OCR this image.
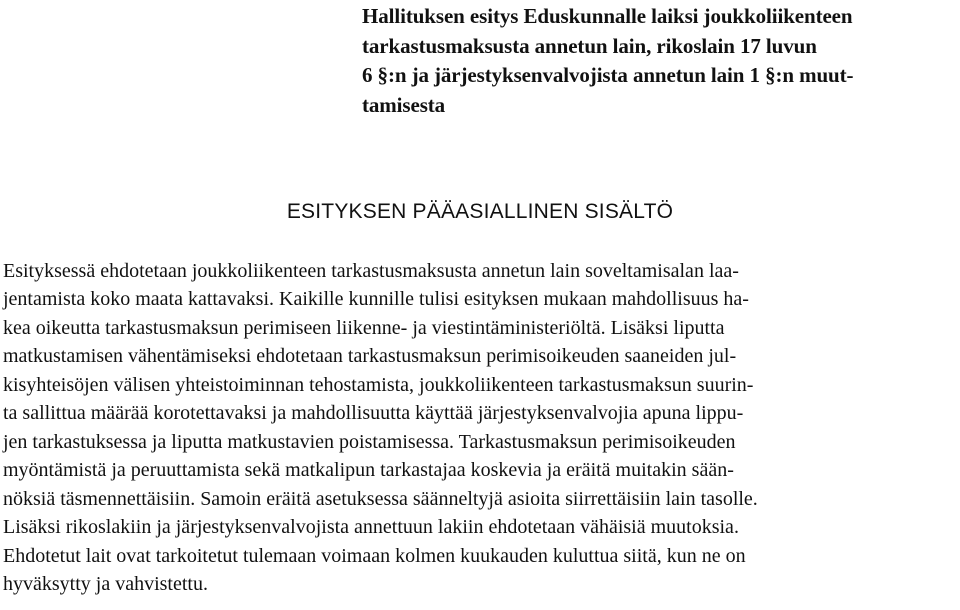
Hallituksen esitys Eduskunnalle laiksi joukkoliikenteen
tarkastusmaksusta annetun lain, rikoslain 17 luvun
6 §:n ja järjestyksenvalvojista annetun lain 1 §:n muut-
tamisesta
ESITYKSEN PÄÄASIALLINEN SISÄLTÖ
Esityksessä ehdotetaan joukkoliikenteen tarkastusmaksusta annetun lain soveltamisalan laa-
jentamista koko maata kattavaksi. Kaikille kunnille tulisi esityksen mukaan mahdollisuus ha-
kea oikeutta tarkastusmaksun perimiseen liikenne- ja viestintäministeriöltä. Lisäksi liputta
matkustamisen vähentämiseksi ehdotetaan tarkastusmaksun perimisoikeuden saaneiden jul-
kisyhteisöjen välisen yhteistoiminnan tehostamista, joukkoliikenteen tarkastusmaksun suurin-
ta sallittua määrää korotettavaksi ja mahdollisuutta käyttää järjestyksenvalvojia apuna lippu-
jen tarkastuksessa ja liputta matkustavien poistamisessa. Tarkastusmaksun perimisoikeuden
myöntämistä ja peruuttamista sekä matkalipun tarkastajaa koskevia ja eräitä muitakin sään-
nöksiä täsmennettäisiin. Samoin eräitä asetuksessa säänneltyjä asioita siirrettäisiin lain tasolle.
Lisäksi rikoslakiin ja järjestyksenvalvojista annettuun lakiin ehdotetaan vähäisiä muutoksia.
Ehdotetut lait ovat tarkoitetut tulemaan voimaan kolmen kuukauden kuluttua siitä, kun ne on
hyväksytty ja vahvistettu.
